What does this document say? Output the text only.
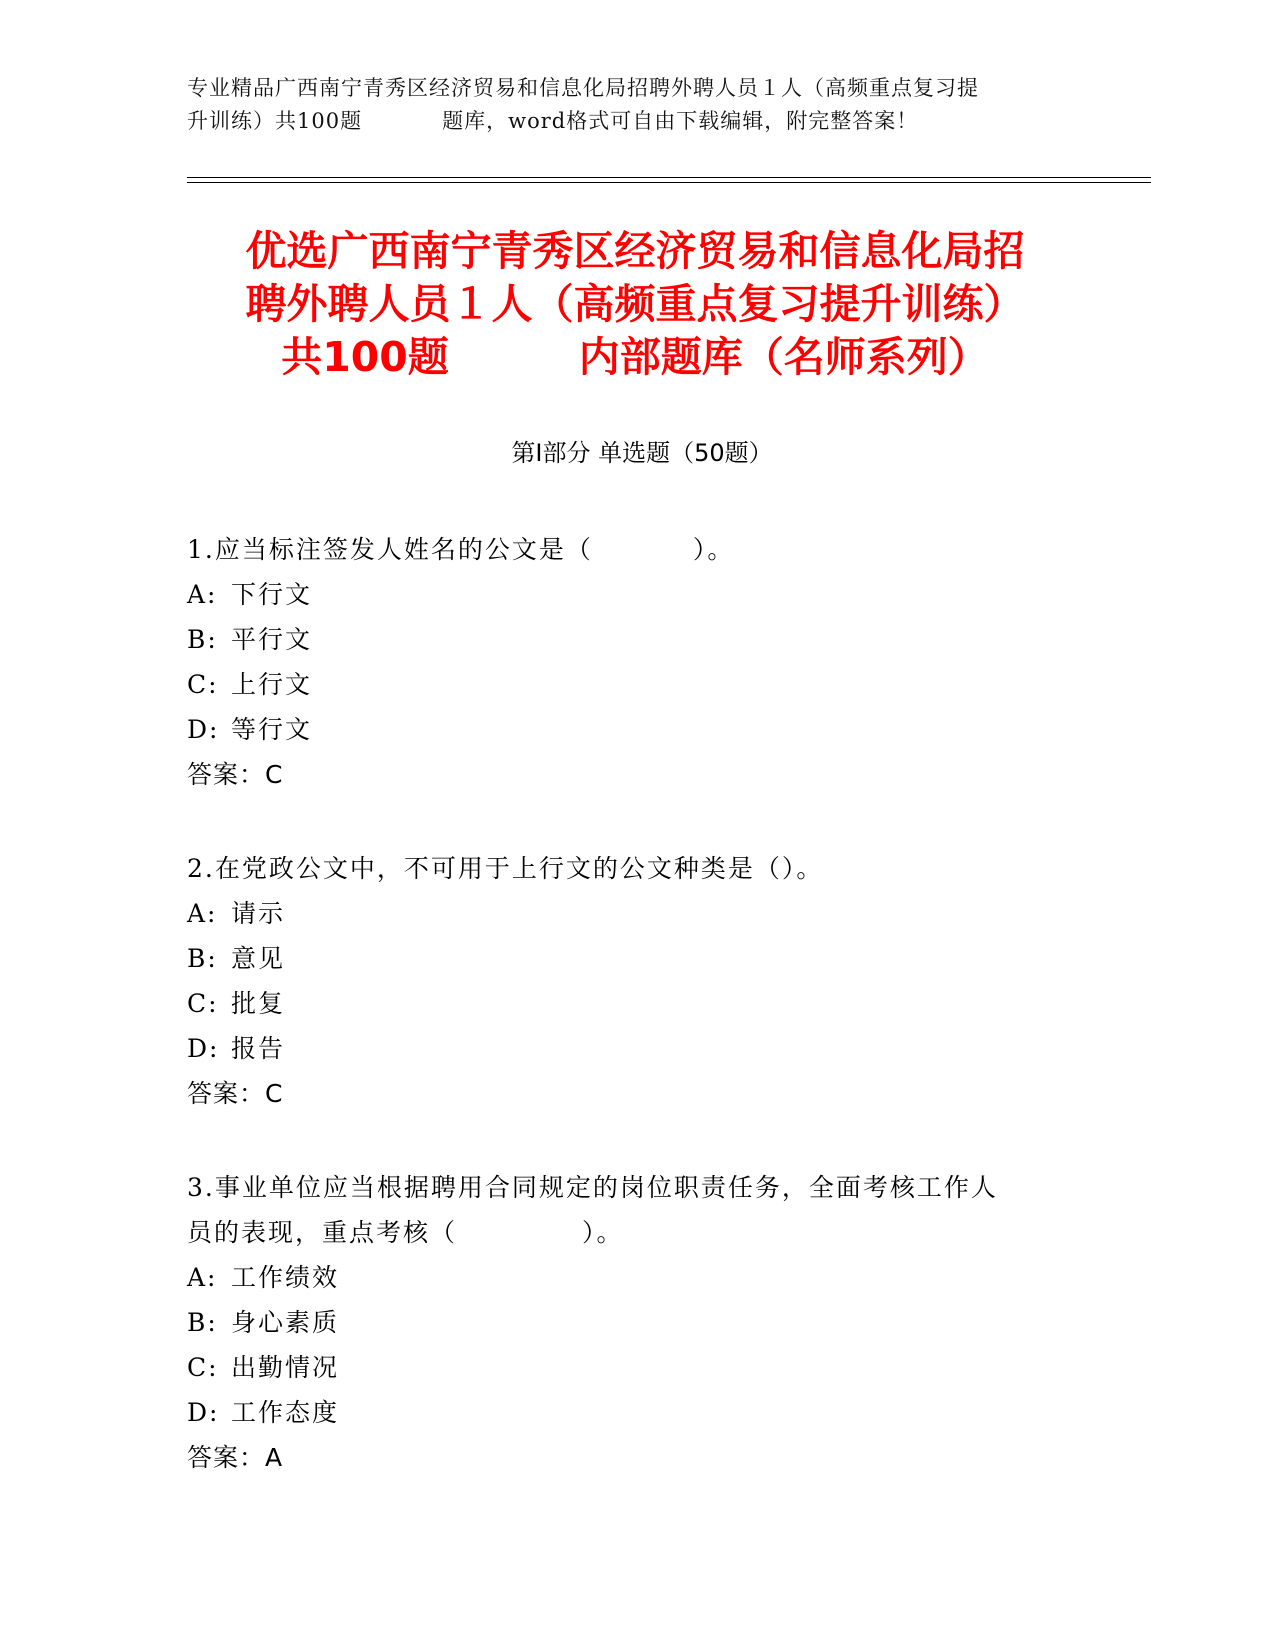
专业精品广西南宁青秀区经济贸易和信息化局招聘外聘人员１人（高频重点复习提
升训练）共100题	题库，word格式可自由下载编辑，附完整答案！
优选广西南宁青秀区经济贸易和信息化局招
聘外聘人员１人（高频重点复习提升训练）
共100题	内部题库（名师系列）
第Ⅰ部分 单选题（50题）
1.应当标注签发人姓名的公文是（	）。
A: 下行文
B: 平行文
C: 上行文
D: 等行文
答案：C
2.在党政公文中，不可用于上行文的公文种类是（）。
A: 请示
B: 意见
C: 批复
D: 报告
答案：C
3.事业单位应当根据聘用合同规定的岗位职责任务，全面考核工作人
员的表现，重点考核（	）。
A: 工作绩效
B: 身心素质
C: 出勤情况
D: 工作态度
答案：A
